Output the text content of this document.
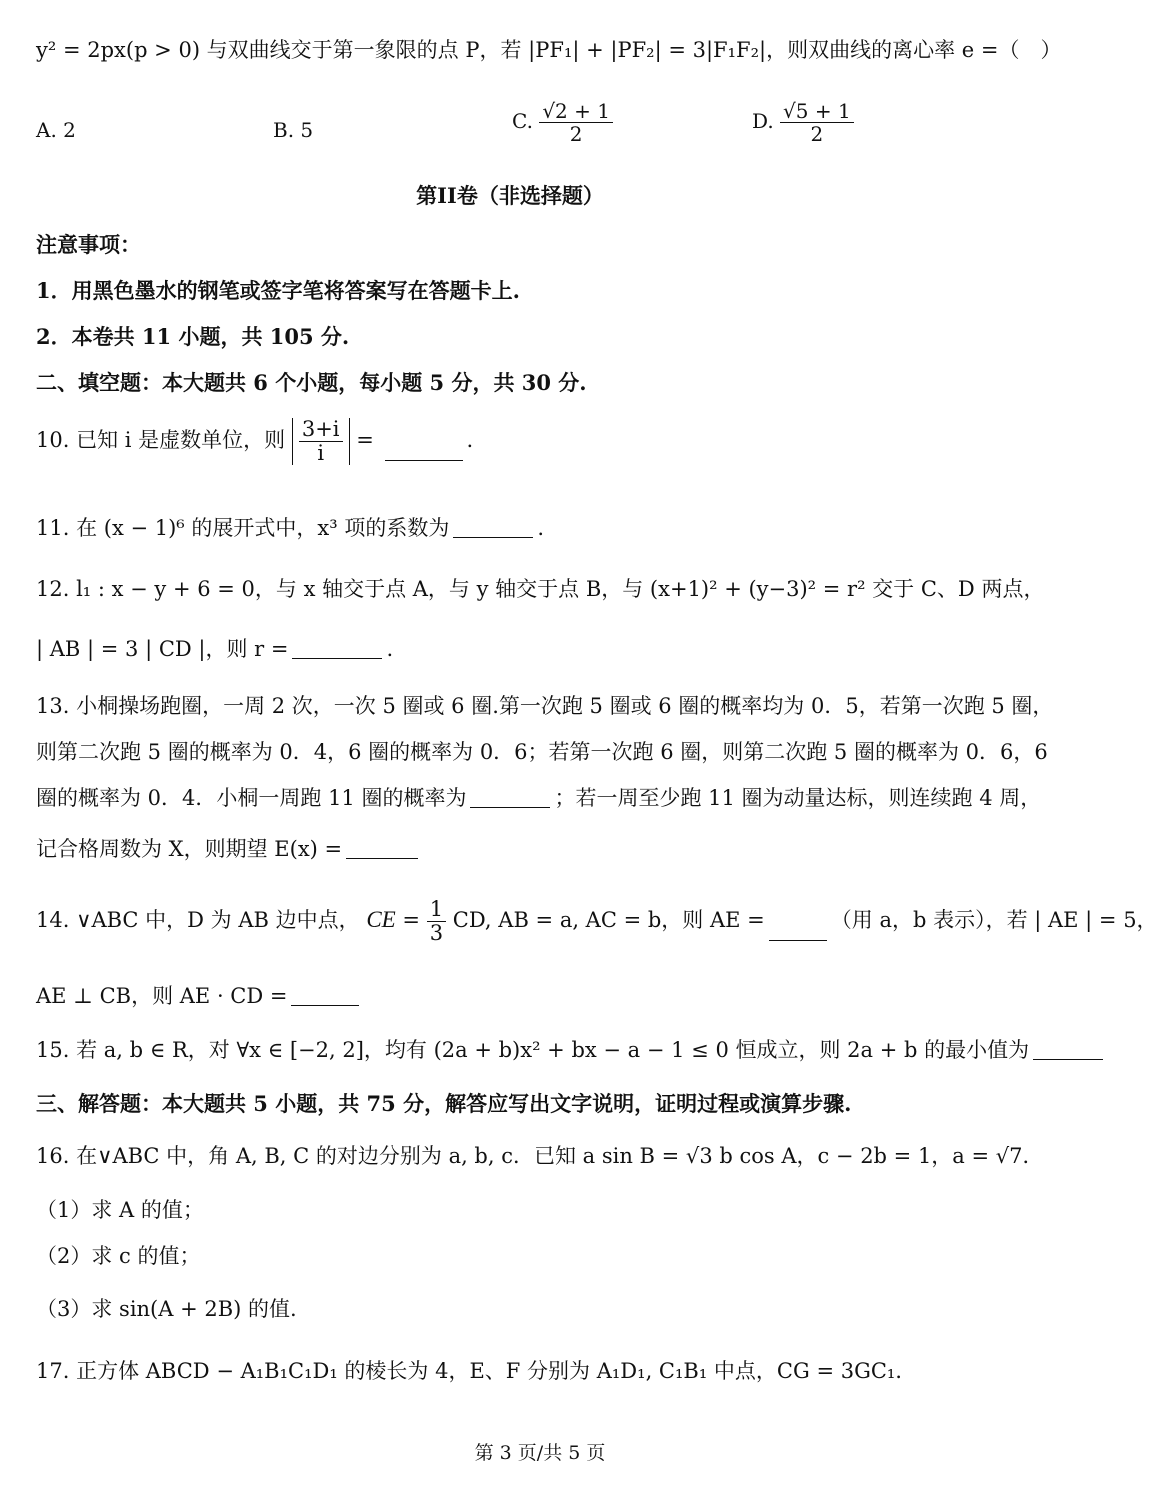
y² = 2px(p > 0) 与双曲线交于第一象限的点 P，若 |PF₁| + |PF₂| = 3|F₁F₂|，则双曲线的离心率 e =（　）
A. 2	B. 5	C. $\frac{√2 + 1}{2}$	D. $\frac{√5 + 1}{2}$
第II卷（非选择题）
注意事项：
1．用黑色墨水的钢笔或签字笔将答案写在答题卡上.
2．本卷共 11 小题，共 105 分.
二、填空题：本大题共 6 个小题，每小题 5 分，共 30 分.
10. 已知 i 是虚数单位，则 $\frac{3+i}{i}$ =	.
11. 在 (x − 1)⁶ 的展开式中，x³ 项的系数为	.
12. l₁ : x − y + 6 = 0，与 x 轴交于点 A，与 y 轴交于点 B，与 (x+1)² + (y−3)² = r² 交于 C、D 两点，
| AB | = 3 | CD |，则 r =	.
13. 小桐操场跑圈，一周 2 次，一次 5 圈或 6 圈.第一次跑 5 圈或 6 圈的概率均为 0．5，若第一次跑 5 圈，
则第二次跑 5 圈的概率为 0．4，6 圈的概率为 0．6；若第一次跑 6 圈，则第二次跑 5 圈的概率为 0．6，6
圈的概率为 0．4．小桐一周跑 11 圈的概率为	；若一周至少跑 11 圈为动量达标，则连续跑 4 周，
记合格周数为 X，则期望 E(x) =
14. ∨ABC 中，D 为 AB 边中点， CE = $\frac{1}{3}$ CD, AB = a, AC = b，则 AE =	（用 a，b 表示），若 | AE | = 5，
AE ⊥ CB，则 AE · CD =
15. 若 a, b ∈ R，对 ∀x ∈ [−2, 2]，均有 (2a + b)x² + bx − a − 1 ≤ 0 恒成立，则 2a + b 的最小值为
三、解答题：本大题共 5 小题，共 75 分，解答应写出文字说明，证明过程或演算步骤.
16. 在∨ABC 中，角 A, B, C 的对边分别为 a, b, c．已知 a sin B = √3 b cos A，c − 2b = 1，a = √7．
（1）求 A 的值；
（2）求 c 的值；
（3）求 sin(A + 2B) 的值.
17. 正方体 ABCD − A₁B₁C₁D₁ 的棱长为 4，E、F 分别为 A₁D₁, C₁B₁ 中点，CG = 3GC₁．
第 3 页/共 5 页
